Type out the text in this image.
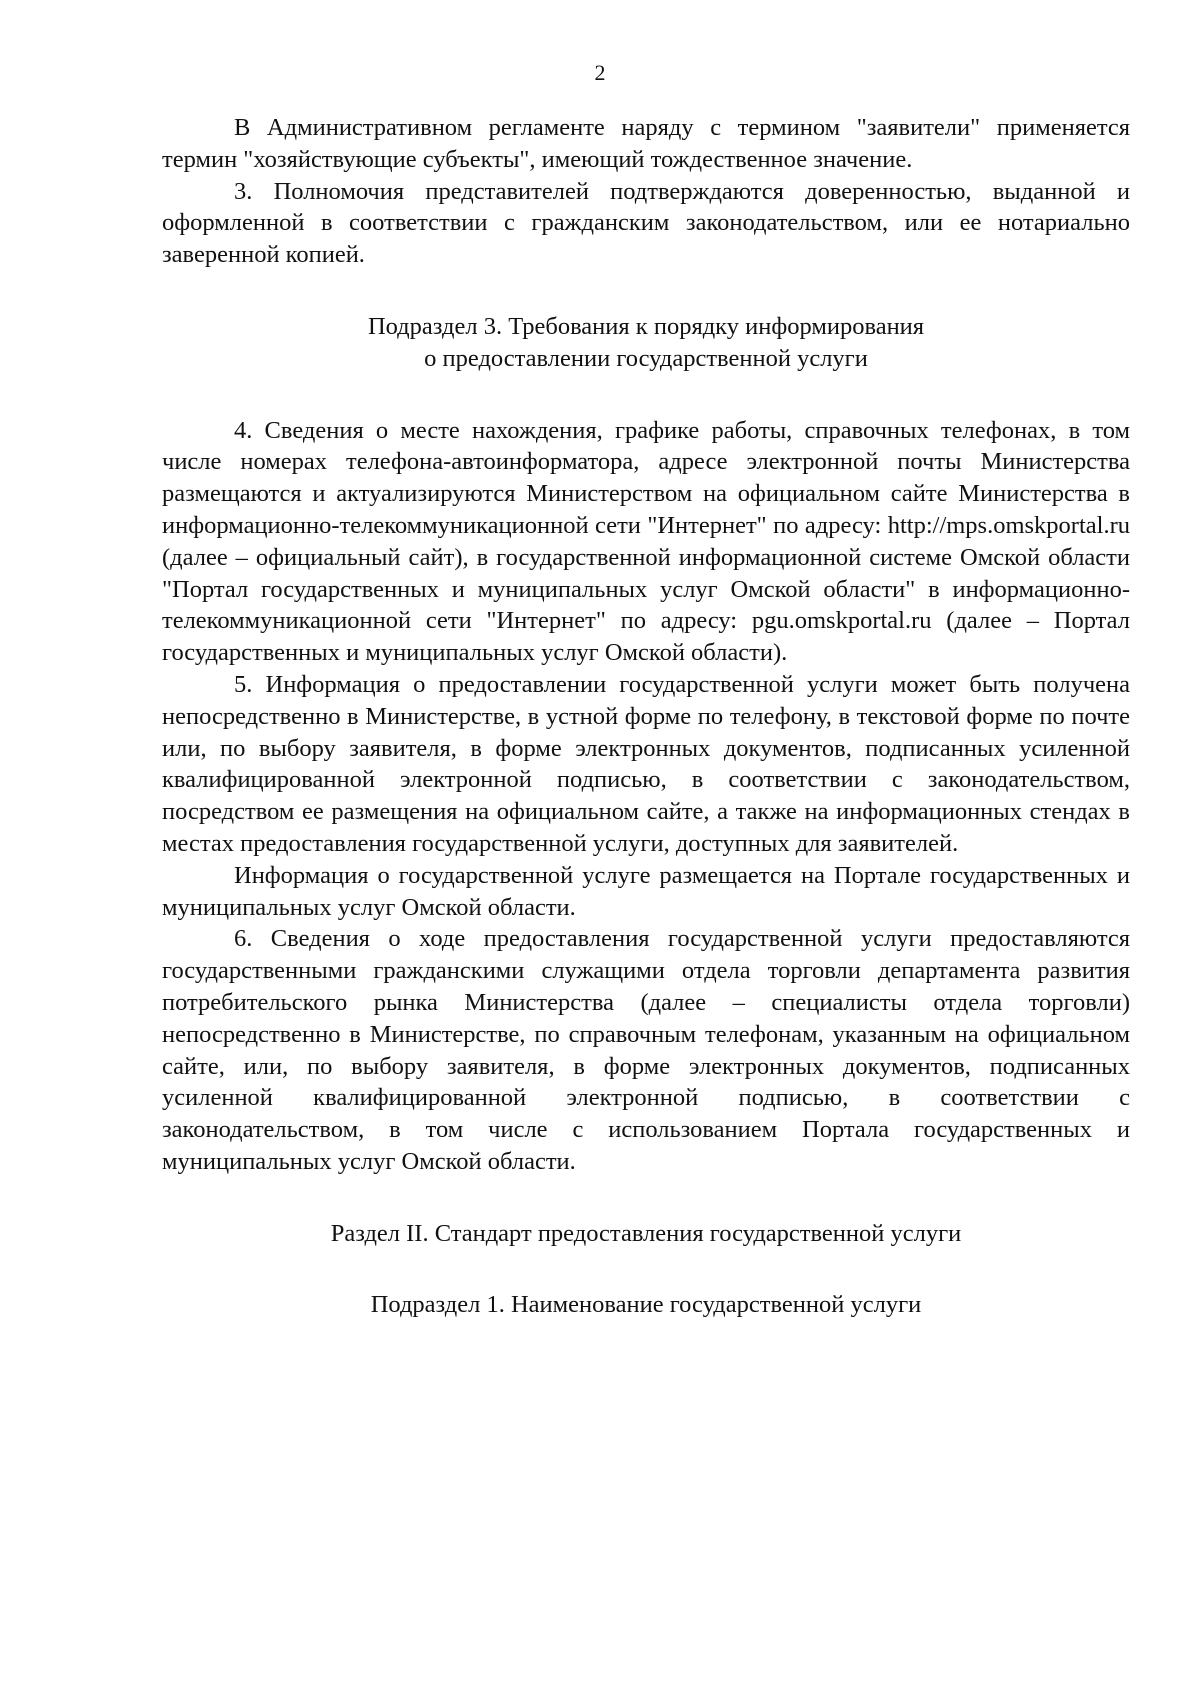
2

В Административном регламенте наряду с термином "заявители" применяется термин "хозяйствующие субъекты", имеющий тождественное значение.

3. Полномочия представителей подтверждаются доверенностью, выданной и оформленной в соответствии с гражданским законодательством, или ее нотариально заверенной копией.

Подраздел 3. Требования к порядку информирования

о предоставлении государственной услуги

4. Сведения о месте нахождения, графике работы, справочных телефонах, в том числе номерах телефона-автоинформатора, адресе электронной почты Министерства размещаются и актуализируются Министерством на официальном сайте Министерства в информационно-телекоммуникационной сети "Интернет" по адресу: http://mps.omskportal.ru (далее – официальный сайт), в государственной информационной системе Омской области "Портал государственных и муниципальных услуг Омской области" в информационно-телекоммуникационной сети "Интернет" по адресу: pgu.omskportal.ru (далее – Портал государственных и муниципальных услуг Омской области).

5. Информация о предоставлении государственной услуги может быть получена непосредственно в Министерстве, в устной форме по телефону, в текстовой форме по почте или, по выбору заявителя, в форме электронных документов, подписанных усиленной квалифицированной электронной подписью, в соответствии с законодательством, посредством ее размещения на официальном сайте, а также на информационных стендах в местах предоставления государственной услуги, доступных для заявителей.

Информация о государственной услуге размещается на Портале государственных и муниципальных услуг Омской области.

6. Сведения о ходе предоставления государственной услуги предоставляются государственными гражданскими служащими отдела торговли департамента развития потребительского рынка Министерства (далее – специалисты отдела торговли) непосредственно в Министерстве, по справочным телефонам, указанным на официальном сайте, или, по выбору заявителя, в форме электронных документов, подписанных усиленной квалифицированной электронной подписью, в соответствии с законодательством, в том числе с использованием Портала государственных и муниципальных услуг Омской области.

Раздел II. Стандарт предоставления государственной услуги

Подраздел 1. Наименование государственной услуги
